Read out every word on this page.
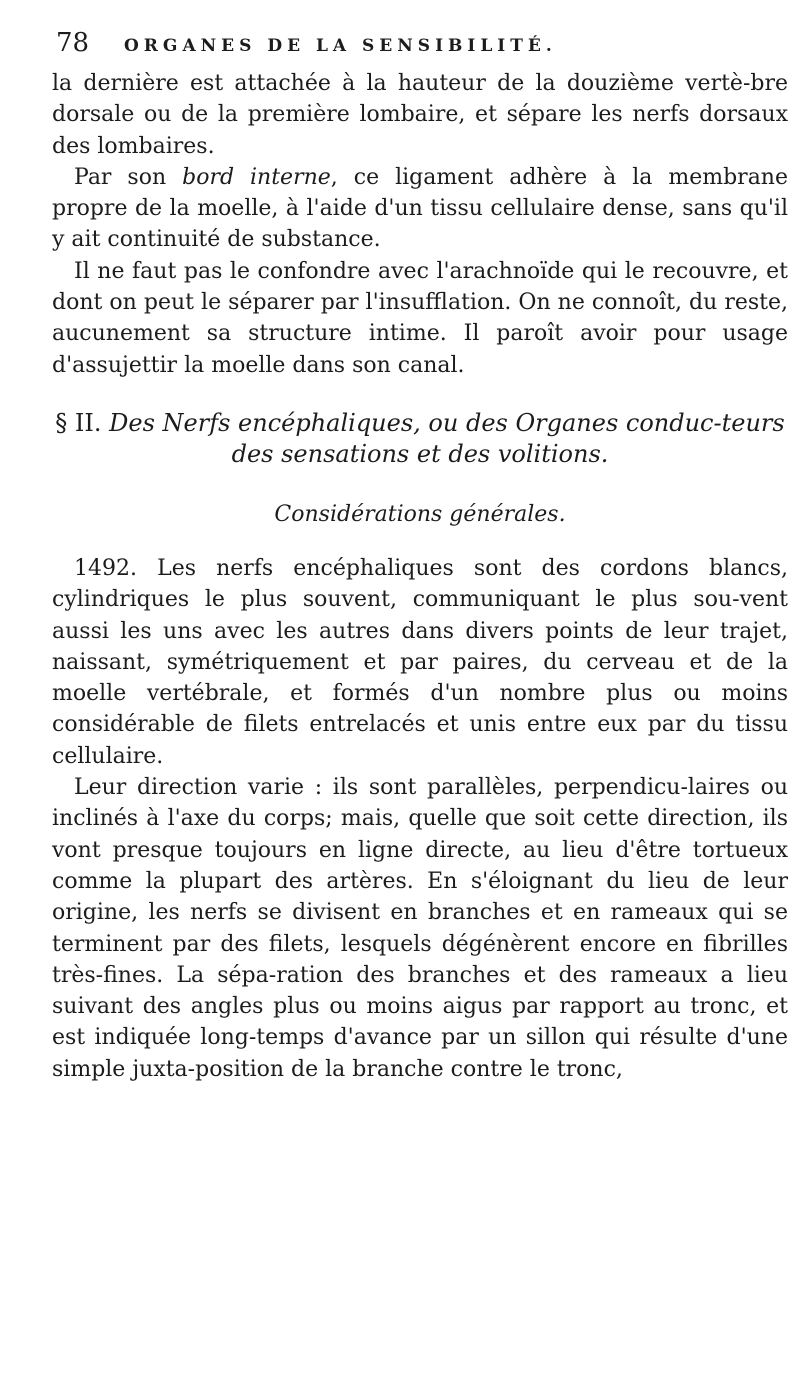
78	ORGANES DE LA SENSIBILITÉ.

la dernière est attachée à la hauteur de la douzième vertè-bre dorsale ou de la première lombaire, et sépare les nerfs dorsaux des lombaires.

Par son bord interne, ce ligament adhère à la membrane propre de la moelle, à l'aide d'un tissu cellulaire dense, sans qu'il y ait continuité de substance.

Il ne faut pas le confondre avec l'arachnoïde qui le recouvre, et dont on peut le séparer par l'insufflation. On ne connoît, du reste, aucunement sa structure intime. Il paroît avoir pour usage d'assujettir la moelle dans son canal.

§ II. Des Nerfs encéphaliques, ou des Organes conduc-teurs des sensations et des volitions.
Considérations générales.

1492. Les nerfs encéphaliques sont des cordons blancs, cylindriques le plus souvent, communiquant le plus sou-vent aussi les uns avec les autres dans divers points de leur trajet, naissant, symétriquement et par paires, du cerveau et de la moelle vertébrale, et formés d'un nombre plus ou moins considérable de filets entrelacés et unis entre eux par du tissu cellulaire.

Leur direction varie : ils sont parallèles, perpendicu-laires ou inclinés à l'axe du corps; mais, quelle que soit cette direction, ils vont presque toujours en ligne directe, au lieu d'être tortueux comme la plupart des artères. En s'éloignant du lieu de leur origine, les nerfs se divisent en branches et en rameaux qui se terminent par des filets, lesquels dégénèrent encore en fibrilles très-fines. La sépa-ration des branches et des rameaux a lieu suivant des angles plus ou moins aigus par rapport au tronc, et est indiquée long-temps d'avance par un sillon qui résulte d'une simple juxta-position de la branche contre le tronc,
